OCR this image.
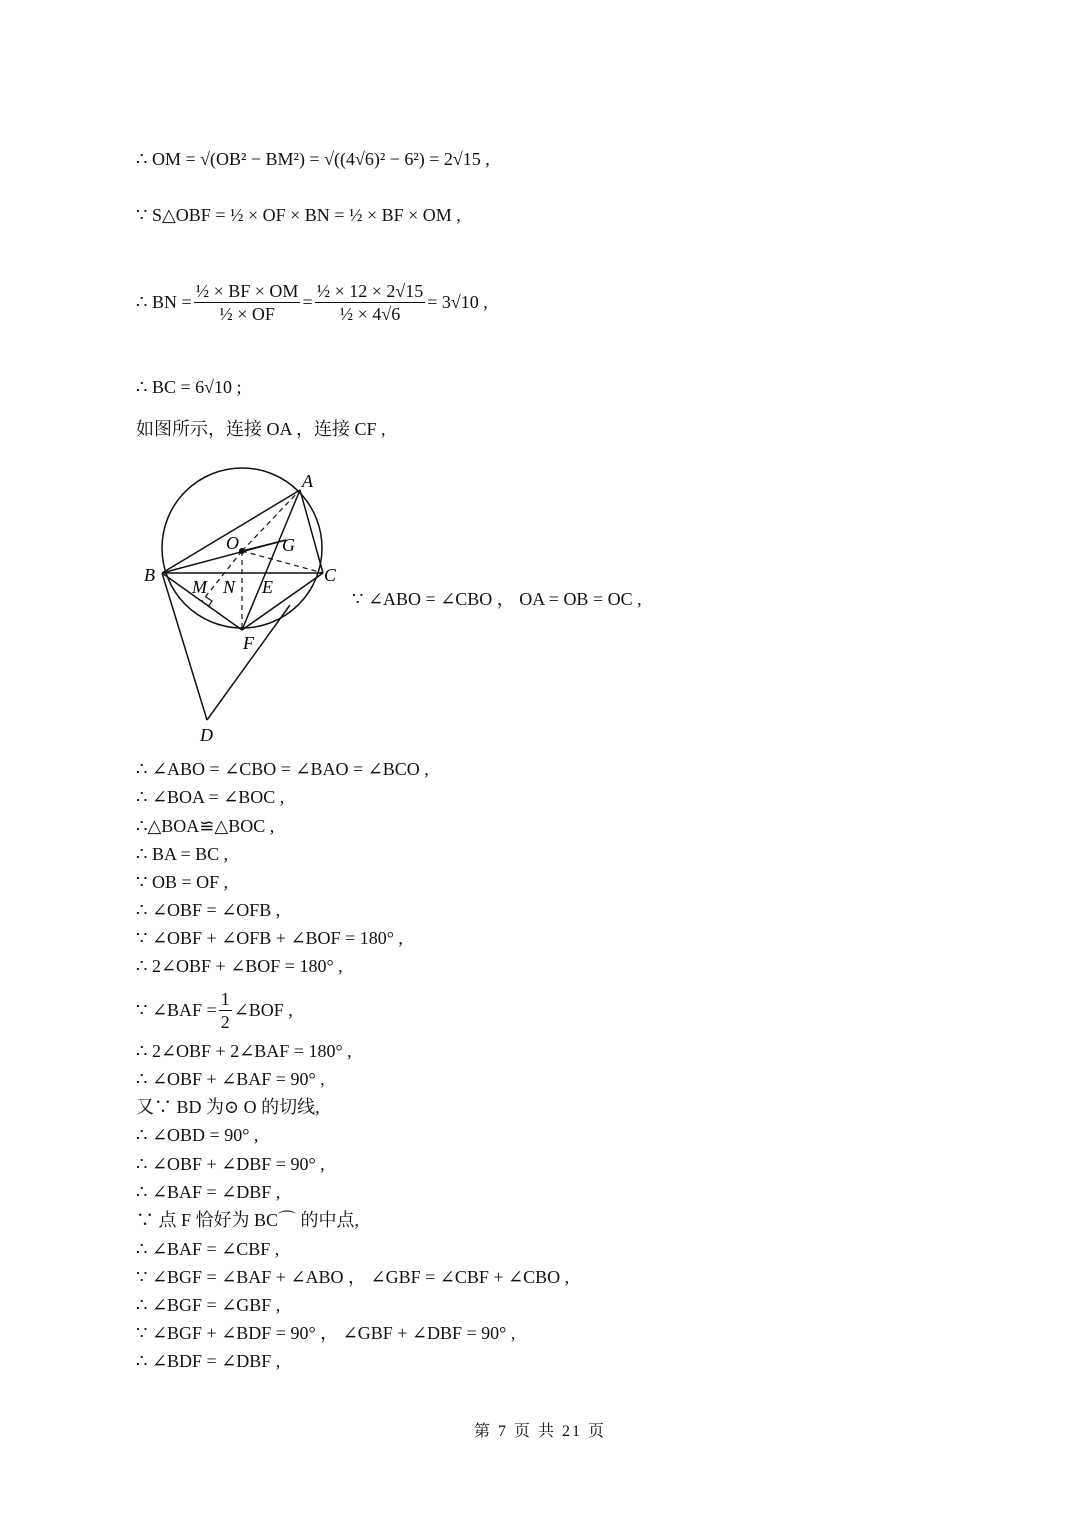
∴ OM = √(OB² − BM²) = √((4√6)² − 6²) = 2√15 ,
∵ S△OBF = ½ × OF × BN = ½ × BF × OM ,
∴ BN = $\frac{\text{½ × BF × OM}}{\text{½ × OF}} = \frac{\text{½ × 12 × 2√15}}{\text{½ × 4√6}} = 3√10$ ,
∴ BC = 6√10 ;
如图所示，连接 OA ，连接 CF ,
A
B	C
D
E
F
G
M N
O
∵ ∠ABO = ∠CBO ， OA = OB = OC ,
∴ ∠ABO = ∠CBO = ∠BAO = ∠BCO ,
∴ ∠BOA = ∠BOC ,
∴△BOA≌△BOC ,
∴ BA = BC ,
∵ OB = OF ,
∴ ∠OBF = ∠OFB ,
∵ ∠OBF + ∠OFB + ∠BOF = 180° ,
∴ 2∠OBF + ∠BOF = 180° ,
∵ ∠BAF = $\frac{1}{2}$ ∠BOF ,
∴ 2∠OBF + 2∠BAF = 180° ,
∴ ∠OBF + ∠BAF = 90° ,
又∵ BD 为⊙ O 的切线,
∴ ∠OBD = 90° ,
∴ ∠OBF + ∠DBF = 90° ,
∴ ∠BAF = ∠DBF ,
∵ 点 F 恰好为 BC⌒ 的中点,
∴ ∠BAF = ∠CBF ,
∵ ∠BGF = ∠BAF + ∠ABO ， ∠GBF = ∠CBF + ∠CBO ,
∴ ∠BGF = ∠GBF ,
∵ ∠BGF + ∠BDF = 90° ， ∠GBF + ∠DBF = 90° ,
∴ ∠BDF = ∠DBF ,
第 7 页 共 21 页
